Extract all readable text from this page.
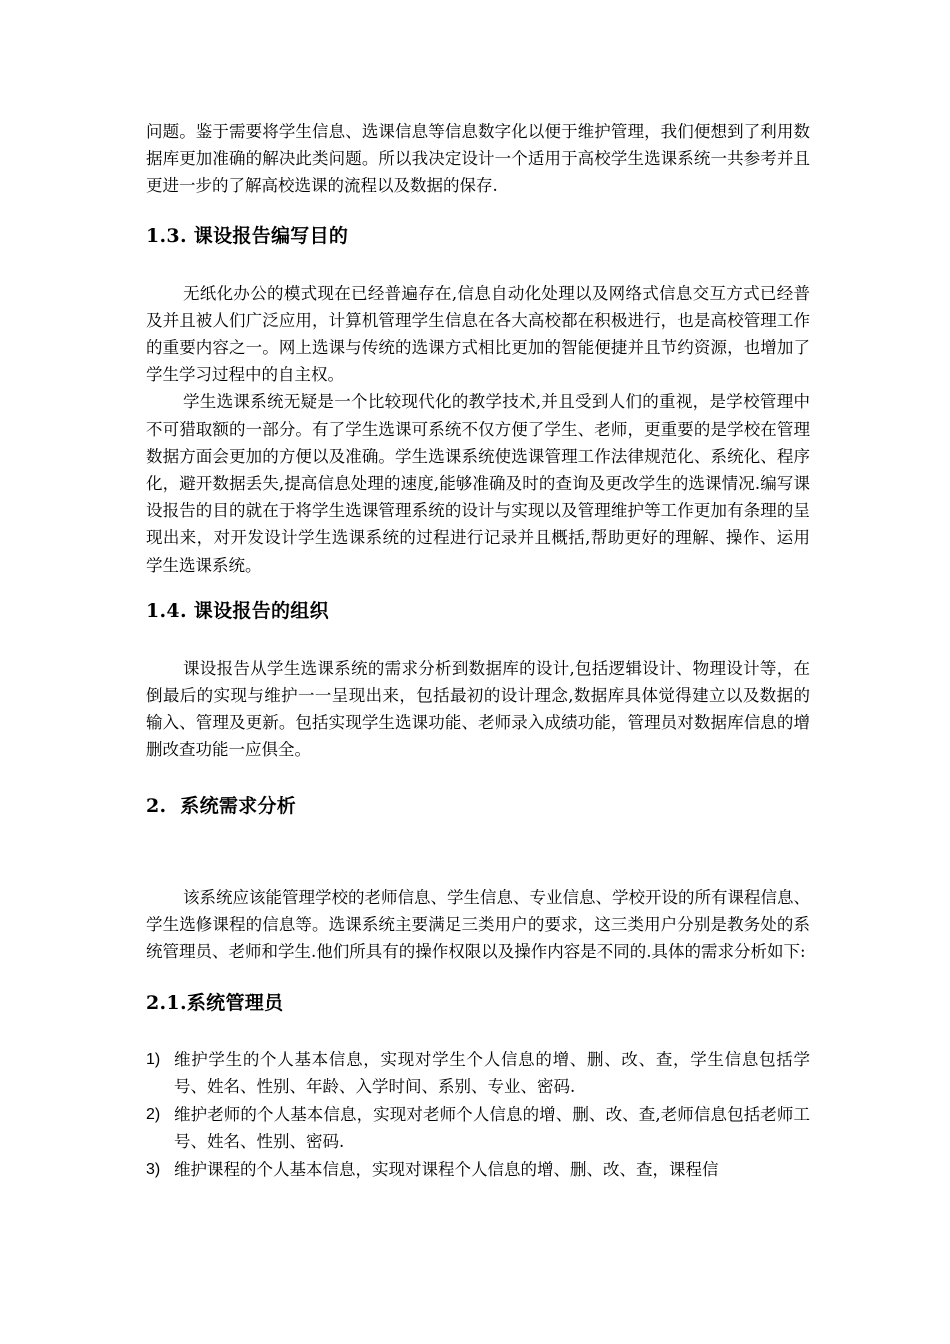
问题。鉴于需要将学生信息、选课信息等信息数字化以便于维护管理，我们便想到了利用数据库更加准确的解决此类问题。所以我决定设计一个适用于高校学生选课系统一共参考并且更进一步的了解高校选课的流程以及数据的保存.

1.3. 课设报告编写目的

无纸化办公的模式现在已经普遍存在,信息自动化处理以及网络式信息交互方式已经普及并且被人们广泛应用，计算机管理学生信息在各大高校都在积极进行，也是高校管理工作的重要内容之一。网上选课与传统的选课方式相比更加的智能便捷并且节约资源，也增加了学生学习过程中的自主权。

学生选课系统无疑是一个比较现代化的教学技术,并且受到人们的重视，是学校管理中不可猎取额的一部分。有了学生选课可系统不仅方便了学生、老师，更重要的是学校在管理数据方面会更加的方便以及准确。学生选课系统使选课管理工作法律规范化、系统化、程序化，避开数据丢失,提高信息处理的速度,能够准确及时的查询及更改学生的选课情况.编写课设报告的目的就在于将学生选课管理系统的设计与实现以及管理维护等工作更加有条理的呈现出来，对开发设计学生选课系统的过程进行记录并且概括,帮助更好的理解、操作、运用学生选课系统。

1.4. 课设报告的组织

课设报告从学生选课系统的需求分析到数据库的设计,包括逻辑设计、物理设计等，在倒最后的实现与维护一一呈现出来，包括最初的设计理念,数据库具体觉得建立以及数据的输入、管理及更新。包括实现学生选课功能、老师录入成绩功能，管理员对数据库信息的增删改查功能一应俱全。

2. 系统需求分析

该系统应该能管理学校的老师信息、学生信息、专业信息、学校开设的所有课程信息、学生选修课程的信息等。选课系统主要满足三类用户的要求，这三类用户分别是教务处的系统管理员、老师和学生.他们所具有的操作权限以及操作内容是不同的.具体的需求分析如下:

2.1.系统管理员
1) 维护学生的个人基本信息，实现对学生个人信息的增、删、改、查，学生信息包括学号、姓名、性别、年龄、入学时间、系别、专业、密码.
2) 维护老师的个人基本信息，实现对老师个人信息的增、删、改、查,老师信息包括老师工号、姓名、性别、密码.
3) 维护课程的个人基本信息，实现对课程个人信息的增、删、改、查，课程信
